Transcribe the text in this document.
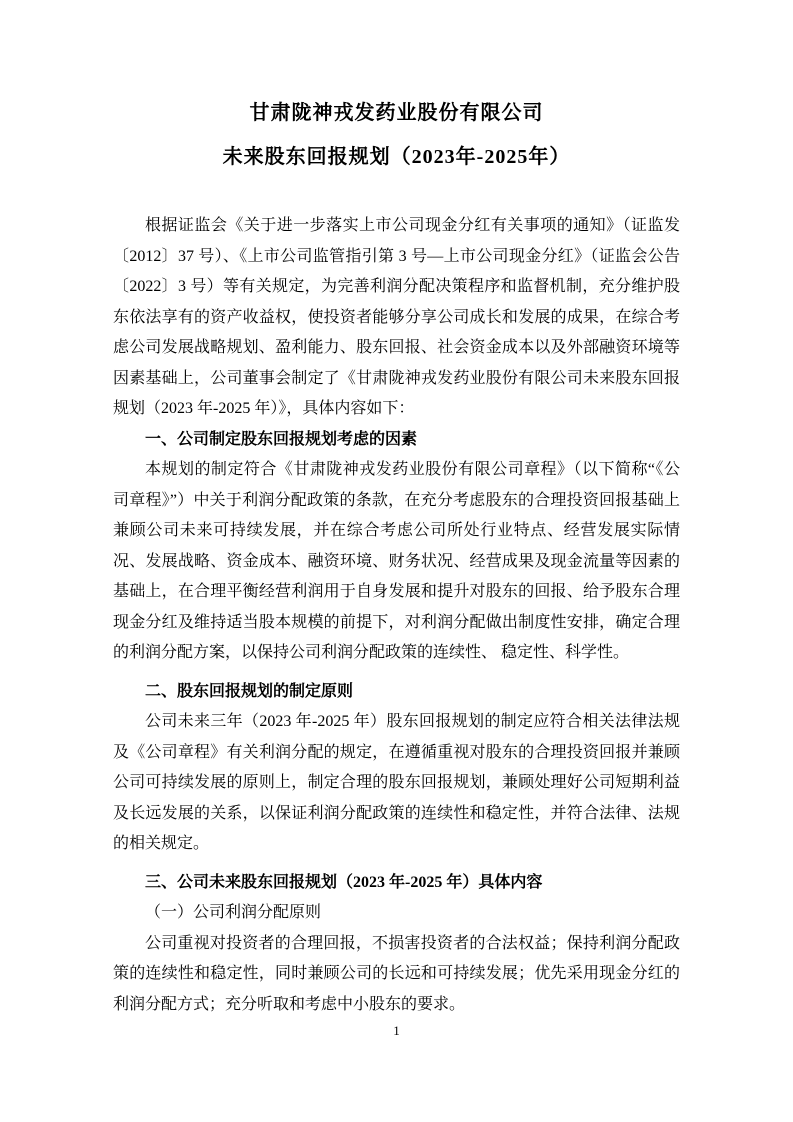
甘肃陇神戎发药业股份有限公司
未来股东回报规划（2023年-2025年）

根据证监会《关于进一步落实上市公司现金分红有关事项的通知》（证监发〔2012〕37 号）、《上市公司监管指引第 3 号—上市公司现金分红》（证监会公告〔2022〕3 号）等有关规定，为完善利润分配决策程序和监督机制，充分维护股东依法享有的资产收益权，使投资者能够分享公司成长和发展的成果，在综合考虑公司发展战略规划、盈利能力、股东回报、社会资金成本以及外部融资环境等因素基础上，公司董事会制定了《甘肃陇神戎发药业股份有限公司未来股东回报规划（2023 年-2025 年）》，具体内容如下：

一、公司制定股东回报规划考虑的因素

本规划的制定符合《甘肃陇神戎发药业股份有限公司章程》（以下简称“《公司章程》”）中关于利润分配政策的条款，在充分考虑股东的合理投资回报基础上兼顾公司未来可持续发展，并在综合考虑公司所处行业特点、经营发展实际情况、发展战略、资金成本、融资环境、财务状况、经营成果及现金流量等因素的基础上，在合理平衡经营利润用于自身发展和提升对股东的回报、给予股东合理现金分红及维持适当股本规模的前提下，对利润分配做出制度性安排，确定合理的利润分配方案，以保持公司利润分配政策的连续性、 稳定性、科学性。

二、股东回报规划的制定原则

公司未来三年（2023 年-2025 年）股东回报规划的制定应符合相关法律法规及《公司章程》有关利润分配的规定，在遵循重视对股东的合理投资回报并兼顾公司可持续发展的原则上，制定合理的股东回报规划，兼顾处理好公司短期利益及长远发展的关系，以保证利润分配政策的连续性和稳定性，并符合法律、法规的相关规定。

三、公司未来股东回报规划（2023 年-2025 年）具体内容
（一）公司利润分配原则

公司重视对投资者的合理回报，不损害投资者的合法权益；保持利润分配政策的连续性和稳定性，同时兼顾公司的长远和可持续发展；优先采用现金分红的利润分配方式；充分听取和考虑中小股东的要求。

1
